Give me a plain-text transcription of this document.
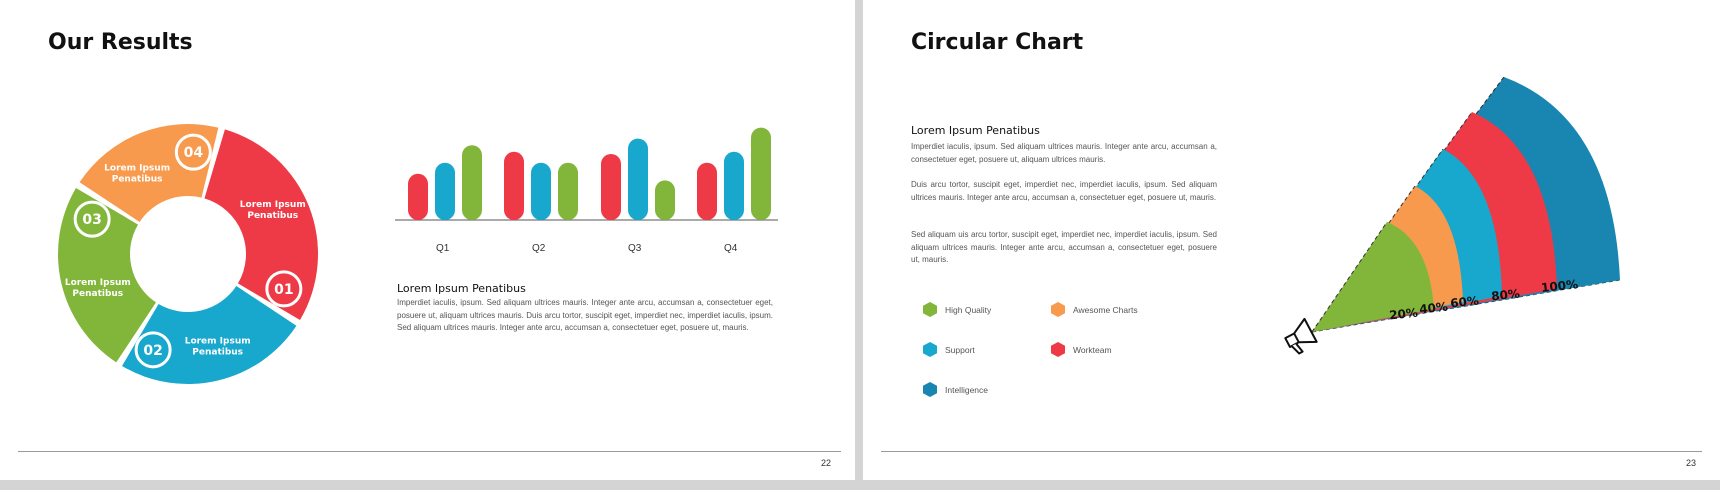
Our Results
01
02
03
04
Lorem Ipsum
Penatibus
Lorem Ipsum
Penatibus
Lorem Ipsum
Penatibus
Lorem Ipsum
Penatibus
Q1	Q2	Q3	Q4
Lorem Ipsum Penatibus

Imperdiet iaculis, ipsum. Sed aliquam ultrices mauris. Integer ante arcu, accumsan a, consectetuer eget, posuere ut, aliquam ultrices mauris. Duis arcu tortor, suscipit eget, imperdiet nec, imperdiet iaculis, ipsum. Sed aliquam ultrices mauris. Integer ante arcu, accumsan a, consectetuer eget, posuere ut, mauris.

22
Circular Chart
Lorem Ipsum Penatibus

Imperdiet iaculis, ipsum. Sed aliquam ultrices mauris. Integer ante arcu, accumsan a, consectetuer eget, posuere ut, aliquam ultrices mauris.

Duis arcu tortor, suscipit eget, imperdiet nec, imperdiet iaculis, ipsum. Sed aliquam ultrices mauris. Integer ante arcu, accumsan a, consectetuer eget, posuere ut, mauris.

Sed aliquam uis arcu tortor, suscipit eget, imperdiet nec, imperdiet iaculis, ipsum. Sed aliquam ultrices mauris. Integer ante arcu, accumsan a, consectetuer eget, posuere ut, mauris.

High Quality	Awesome Charts
Support	Workteam
Intelligence
20% 40% 60% 80%
100%
23
